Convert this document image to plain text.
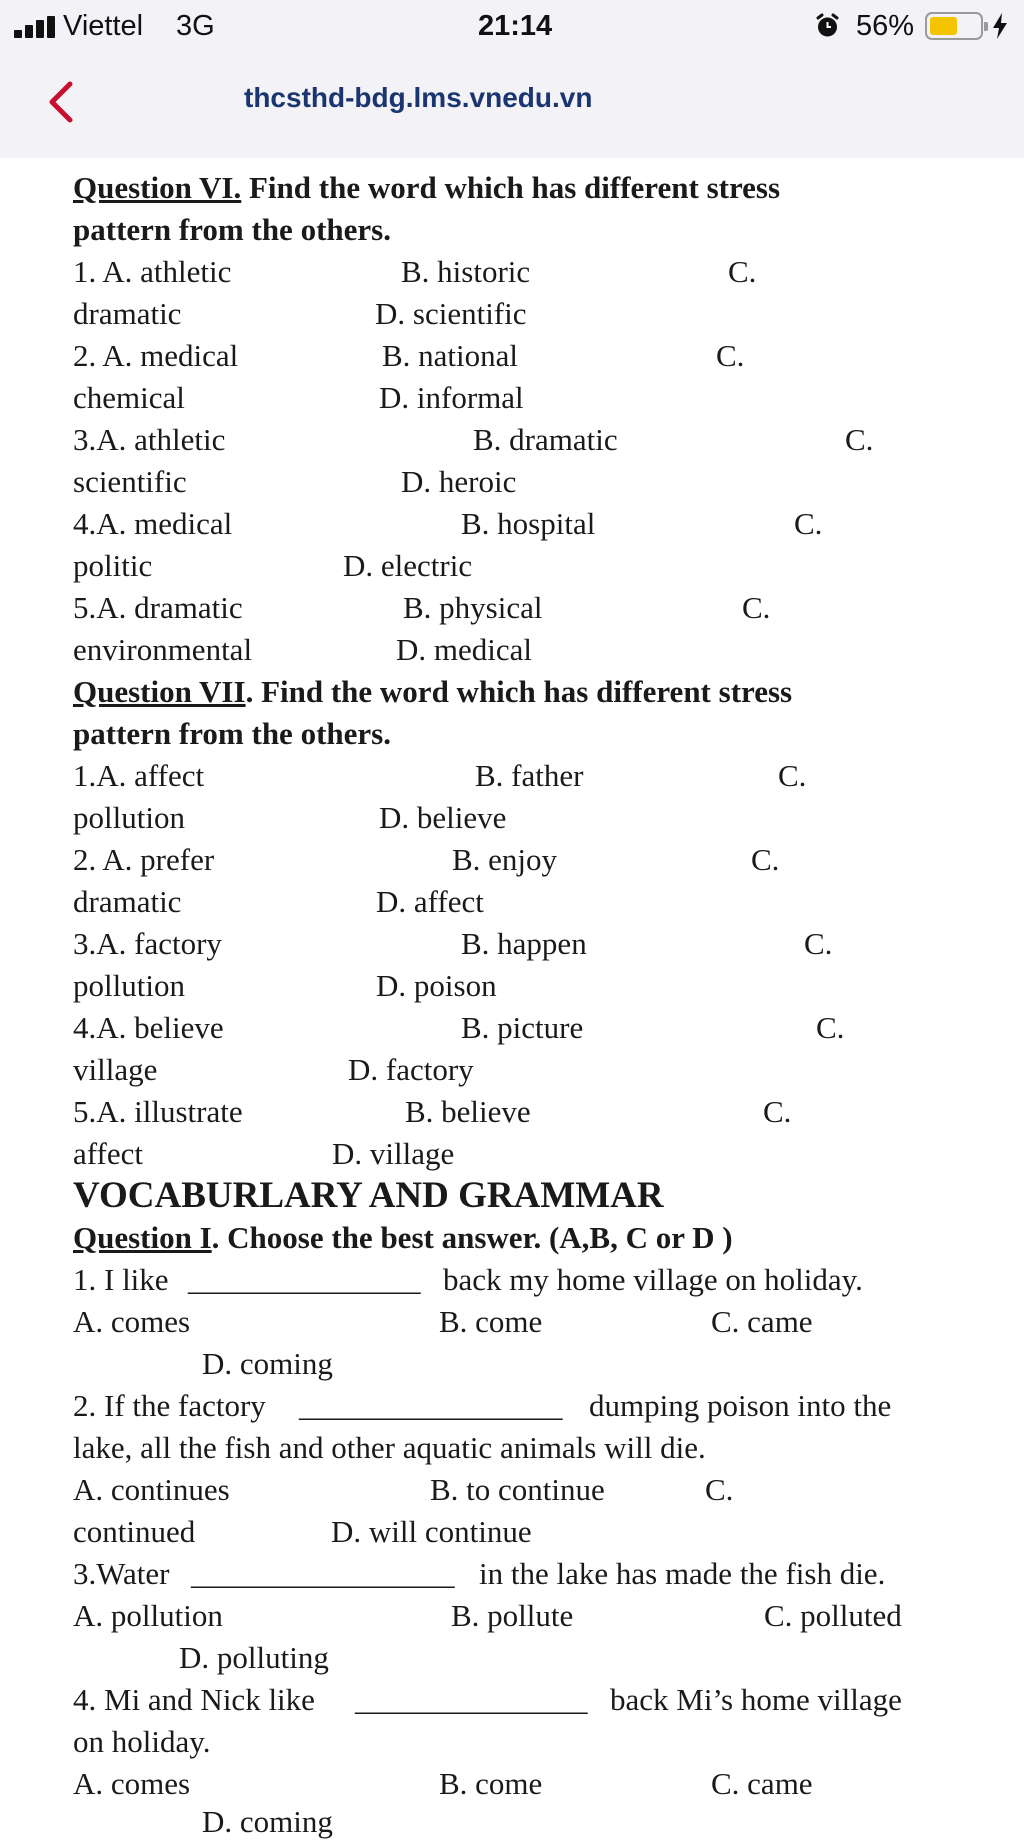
Viettel 3G	21:14	56%
thcsthd-bdg.lms.vnedu.vn
Question VI. Find the word which has different stress
pattern from the others.
1. A. athletic	B. historic	C.
dramatic	D. scientific
2. A. medical	B. national	C.
chemical	D. informal
3.A. athletic	B. dramatic	C.
scientific	D. heroic
4.A. medical	B. hospital	C.
politic	D. electric
5.A. dramatic	B. physical	C.
environmental	D. medical
Question VII. Find the word which has different stress
pattern from the others.
1.A. affect	B. father	C.
pollution	D. believe
2. A. prefer	B. enjoy	C.
dramatic	D. affect
3.A. factory	B. happen	C.
pollution	D. poison
4.A. believe	B. picture	C.
village	D. factory
5.A. illustrate	B. believe	C.
affect	D. village
VOCABURLARY AND GRAMMAR
Question I. Choose the best answer. (A,B, C or D )
1. I like _______________ back my home village on holiday.
A. comes	B. come	C. came
D. coming
2. If the factory _________________ dumping poison into the
lake, all the fish and other aquatic animals will die.
A. continues	B. to continue	C.
continued	D. will continue
3.Water _________________ in the lake has made the fish die.
A. pollution	B. pollute	C. polluted
D. polluting
4. Mi and Nick like _______________ back Mi’s home village
on holiday.
A. comes	B. come	C. came
D. coming
